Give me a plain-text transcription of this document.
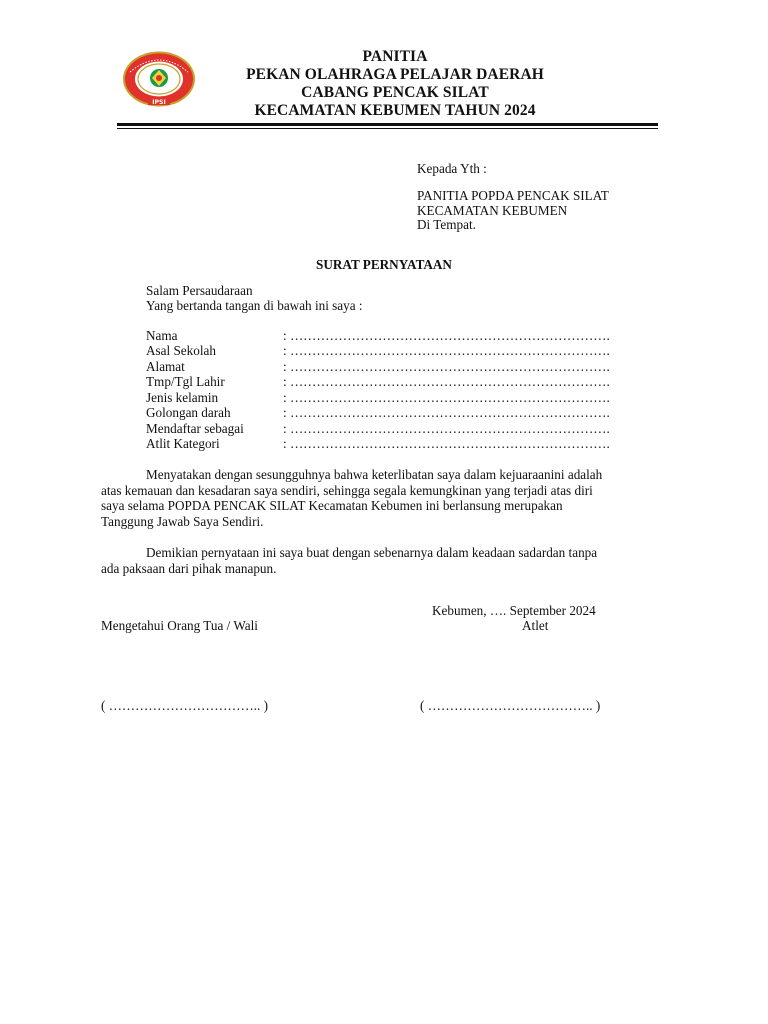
IPSI
PANITIA
PEKAN OLAHRAGA PELAJAR DAERAH
CABANG PENCAK SILAT
KECAMATAN KEBUMEN TAHUN 2024
Kepada Yth :
PANITIA POPDA PENCAK SILAT
KECAMATAN KEBUMEN
Di Tempat.
SURAT PERNYATAAN
Salam Persaudaraan
Yang bertanda tangan di bawah ini saya :
Nama	: ……………………………………………………………….
Asal Sekolah	: ……………………………………………………………….
Alamat	: ……………………………………………………………….
Tmp/Tgl Lahir	: ……………………………………………………………….
Jenis kelamin	: ……………………………………………………………….
Golongan darah	: ……………………………………………………………….
Mendaftar sebagai	: ……………………………………………………………….
Atlit Kategori	: ……………………………………………………………….
Menyatakan dengan sesungguhnya bahwa keterlibatan saya dalam kejuaraanini adalah
atas kemauan dan kesadaran saya sendiri, sehingga segala kemungkinan yang terjadi atas diri
saya selama POPDA PENCAK SILAT Kecamatan Kebumen ini berlansung merupakan
Tanggung Jawab Saya Sendiri.
Demikian pernyataan ini saya buat dengan sebenarnya dalam keadaan sadardan tanpa
ada paksaan dari pihak manapun.
Kebumen, …. September 2024
Mengetahui Orang Tua / Wali	Atlet
( …………………………….. )	( ……………………………….. )
